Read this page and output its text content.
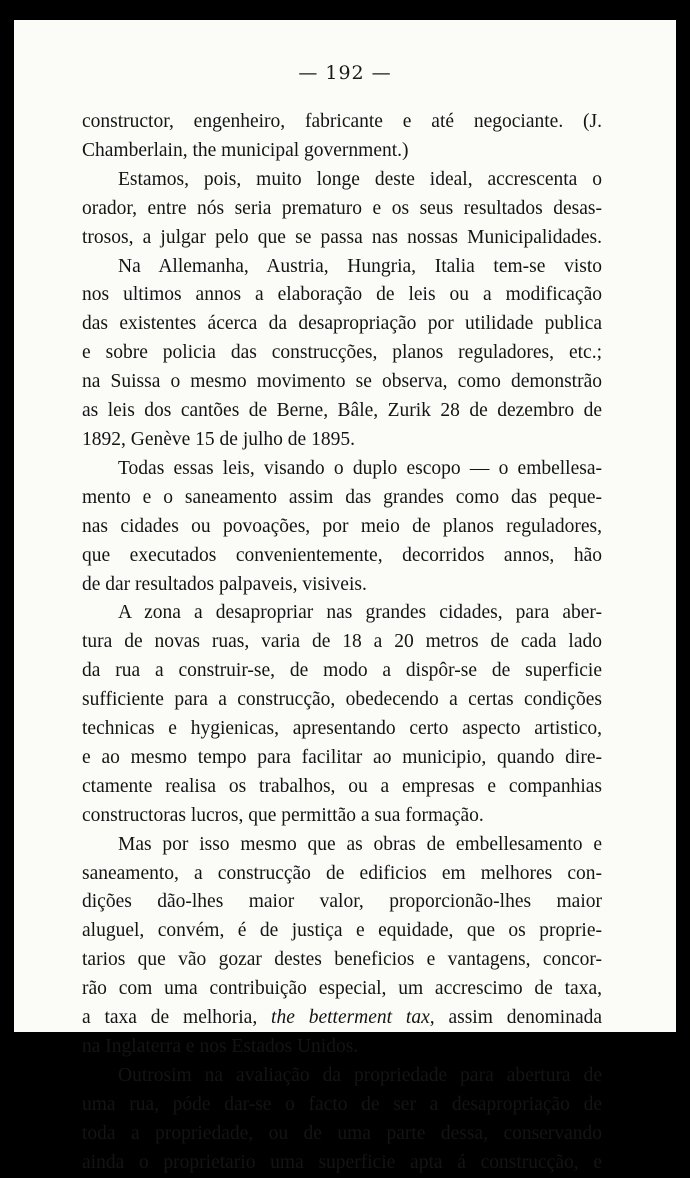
— 192 —

constructor, engenheiro, fabricante e até negociante. (J.
Chamberlain, the municipal government.)

Estamos, pois, muito longe deste ideal, accrescenta o
orador, entre nós seria prematuro e os seus resultados desas-
trosos, a julgar pelo que se passa nas nossas Municipalidades.

Na Allemanha, Austria, Hungria, Italia tem-se visto
nos ultimos annos a elaboração de leis ou a modificação
das existentes ácerca da desapropriação por utilidade publica
e sobre policia das construcções, planos reguladores, etc.;
na Suissa o mesmo movimento se observa, como demonstrão
as leis dos cantões de Berne, Bâle, Zurik 28 de dezembro de
1892, Genève 15 de julho de 1895.

Todas essas leis, visando o duplo escopo — o embellesa-
mento e o saneamento assim das grandes como das peque-
nas cidades ou povoações, por meio de planos reguladores,
que executados convenientemente, decorridos annos, hão
de dar resultados palpaveis, visiveis.

A zona a desapropriar nas grandes cidades, para aber-
tura de novas ruas, varia de 18 a 20 metros de cada lado
da rua a construir-se, de modo a dispôr-se de superficie
sufficiente para a construcção, obedecendo a certas condições
technicas e hygienicas, apresentando certo aspecto artistico,
e ao mesmo tempo para facilitar ao municipio, quando dire-
ctamente realisa os trabalhos, ou a empresas e companhias
constructoras lucros, que permittão a sua formação.

Mas por isso mesmo que as obras de embellesamento e
saneamento, a construcção de edificios em melhores con-
dições dão-lhes maior valor, proporcionão-lhes maior
aluguel, convém, é de justiça e equidade, que os proprie-
tarios que vão gozar destes beneficios e vantagens, concor-
rão com uma contribuição especial, um accrescimo de taxa,
a taxa de melhoria, the betterment tax, assim denominada
na Inglaterra e nos Estados Unidos.

Outrosim na avaliação da propriedade para abertura de
uma rua, póde dar-se o facto de ser a desapropriação de
toda a propriedade, ou de uma parte dessa, conservando
ainda o proprietario uma superficie apta á construcção, e
